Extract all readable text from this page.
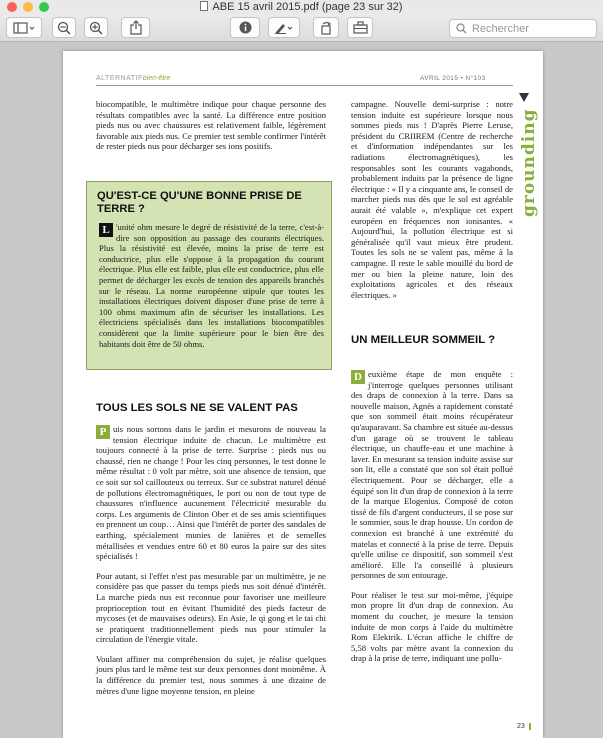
ABE 15 avril 2015.pdf (page 23 sur 32)
Rechercher
ALTERNATIFbien-être	AVRIL 2015 • N°103
grounding

biocompatible, le multimètre indique pour chaque personne des résultats compatibles avec la santé. La différence entre position pieds nus ou avec chaussures est relativement faible, légèrement favorable aux pieds nus. Ce premier test semble confirmer l'intérêt de rester pieds nus pour décharger ses ions positifs.

QU'EST-CE QU'UNE BONNE PRISE DE TERRE ?

L 'unité ohm mesure le degré de résistivité de la terre, c'est-à-dire son opposition au passage des courants électriques. Plus la résistivité est élevée, moins la prise de terre est conductrice, plus elle s'oppose à la propagation du courant électrique. Plus elle est faible, plus elle est conductrice, plus elle permet de décharger les excès de tension des appareils branchés sur le réseau. La norme européenne stipule que toutes les installations électriques doivent disposer d'une prise de terre à 100 ohms maximum afin de sécuriser les installations. Les électriciens spécialisés dans les installations biocompatibles considèrent que la limite supérieure pour le bien être des habitants doit être de 50 ohms.

TOUS LES SOLS NE SE VALENT PAS

P uis nous sortons dans le jardin et mesurons de nouveau la tension électrique induite de chacun. Le multimètre est toujours connecté à la prise de terre. Surprise : pieds nus ou chaussé, rien ne change ! Pour les cinq personnes, le test donne le même résultat : 0 volt par mètre, soit une absence de tension, que ce soit sur sol caillouteux ou terreux. Sur ce substrat naturel dénué de pollutions électromagnétiques, le port ou non de tout type de chaussures n'influence aucunement l'électricité mesurable du corps. Les arguments de Clinton Ober et de ses amis scientifiques en prennent un coup… Ainsi que l'intérêt de porter des sandales de earthing, spécialement munies de lanières et de semelles métallisées et vendues entre 60 et 80 euros la paire sur des sites spécialisés !

Pour autant, si l'effet n'est pas mesurable par un multimètre, je ne considère pas que passer du temps pieds nus soit dénué d'intérêt. La marche pieds nus est reconnue pour favoriser une meilleure proprioception tout en évitant l'humidité des pieds facteur de mycoses (et de mauvaises odeurs). En Asie, le qi gong et le tai chi se pratiquent traditionnellement pieds nus pour stimuler la circulation de l'énergie vitale.

Voulant affiner ma compréhension du sujet, je réalise quelques jours plus tard le même test sur deux personnes dont moimême. À la différence du premier test, nous sommes à une dizaine de mètres d'une ligne moyenne tension, en pleine

campagne. Nouvelle demi-surprise : notre tension induite est supérieure lorsque nous sommes pieds nus ! D'après Pierre Leruse, président du CRIIREM (Centre de recherche et d'information indépendantes sur les radiations électromagnétiques), les responsables sont les courants vagabonds, probablement induits par la présence de ligne électrique : « Il y a cinquante ans, le conseil de marcher pieds nus dès que le sol est agréable aurait été valable », m'explique cet expert européen en fréquences non ionisantes. « Aujourd'hui, la pollution électrique est si généralisée qu'il vaut mieux être prudent. Toutes les sols ne se valent pas, même à la campagne. Il reste le sable mouillé du bord de mer ou bien la pleine nature, loin des exploitations agricoles et des réseaux électriques. »

UN MEILLEUR SOMMEIL ?

D euxième étape de mon enquête : j'interroge quelques personnes utilisant des draps de connexion à la terre. Dans sa nouvelle maison, Agnès a rapidement constaté que son sommeil était moins récupérateur qu'auparavant. Sa chambre est située au-dessus d'un garage où se trouvent le tableau électrique, un chauffe-eau et une machine à laver. En mesurant sa tension induite assise sur son lit, elle a constaté que son sol était pollué électriquement. Pour se décharger, elle a équipé son lit d'un drap de connexion à la terre de la marque Elogenius. Composé de coton tissé de fils d'argent conducteurs, il se pose sur le sommier, sous le drap housse. Un cordon de connexion est branché à une extrémité du matelas et connecté à la prise de terre. Depuis qu'elle utilise ce dispositif, son sommeil s'est amélioré. Elle l'a conseillé à plusieurs personnes de son entourage.

Pour réaliser le test sur moi-même, j'équipe mon propre lit d'un drap de connexion. Au moment du coucher, je mesure la tension induite de mon corps à l'aide du multimètre Rom Elektrik. L'écran affiche le chiffre de 5,58 volts par mètre avant la connexion du drap à la prise de terre, indiquant une pollu-

23
